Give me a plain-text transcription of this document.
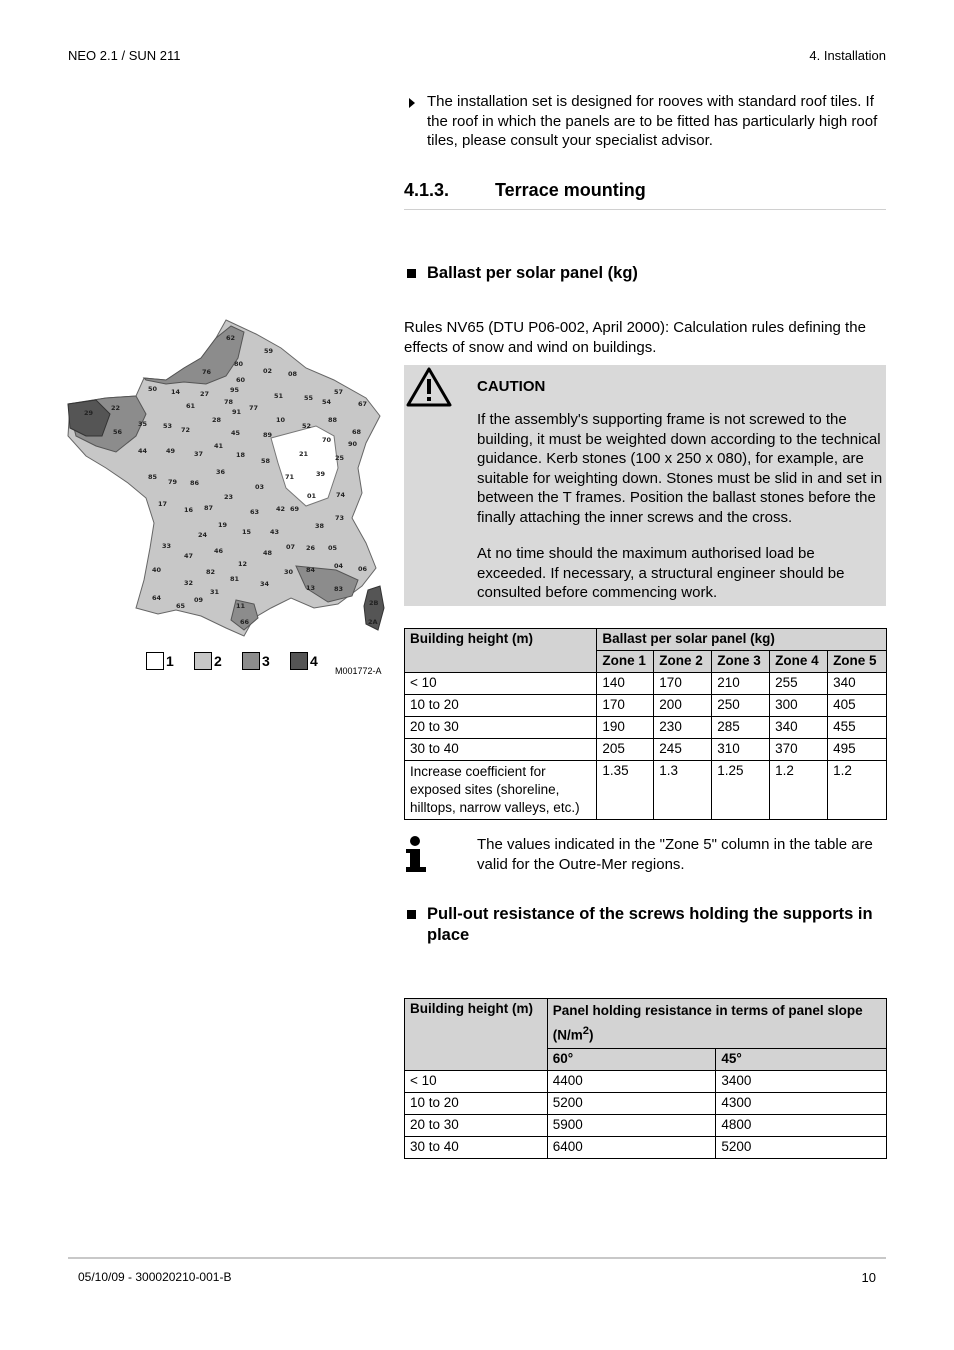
NEO 2.1 / SUN 211	4. Installation
The installation set is designed for rooves with standard roof tiles. If the roof in which the panels are to be fitted has particularly high roof tiles, please consult your specialist advisor.
4.1.3.	Terrace mounting
Ballast per solar panel (kg)
Rules NV65 (DTU P06-002, April 2000): Calculation rules defining the effects of snow and wind on buildings.
CAUTION
If the assembly's supporting frame is not screwed to the building, it must be weighted down according to the technical guidance. Kerb stones (100 x 250 x 080), for example, are suitable for weighting down. Stones must be slid in and set in between the T frames. Position the ballast stones before the finally attaching the inner screws and the cross.
At no time should the maximum authorised load be exceeded. If necessary, a structural engineer should be consulted before commencing work.
62
59
80
02 08
76
14
50
27
60
95	57
55
51
54	67
22
29
35 53
61	78
91 77
10
52
88
68
56	72
28
45	89
70
44	49	37
41
18
58
21	25
90
85
79 86
36
03
71	39
01	74
17
16 87
23
63	42 69
73
38
19
15	43
24
46
12
48
07 26 05
33
47
82
81
30 84	04 06
40
32
31
34	13	83
64
65
09
11
66
2B
2A
1	2	3	4
M001772-A
Building height (m)	Ballast per solar panel (kg)				
	Zone 1	Zone 2	Zone 3	Zone 4	Zone 5
< 10	140	170	210	255	340
10 to 20	170	200	250	300	405
20 to 30	190	230	285	340	455
30 to 40	205	245	310	370	495
Increase coefficient for exposed sites (shoreline, hilltops, narrow valleys, etc.)	1.35	1.3	1.25	1.2	1.2
The values indicated in the "Zone 5" column in the table are valid for the Outre-Mer regions.
Pull-out resistance of the screws holding the supports in place
Building height (m)	Panel holding resistance in terms of panel slope $(N/m^2)$	
	60°	45°
< 10	4400	3400
10 to 20	5200	4300
20 to 30	5900	4800
30 to 40	6400	5200
05/10/09 - 300020210-001-B	10
